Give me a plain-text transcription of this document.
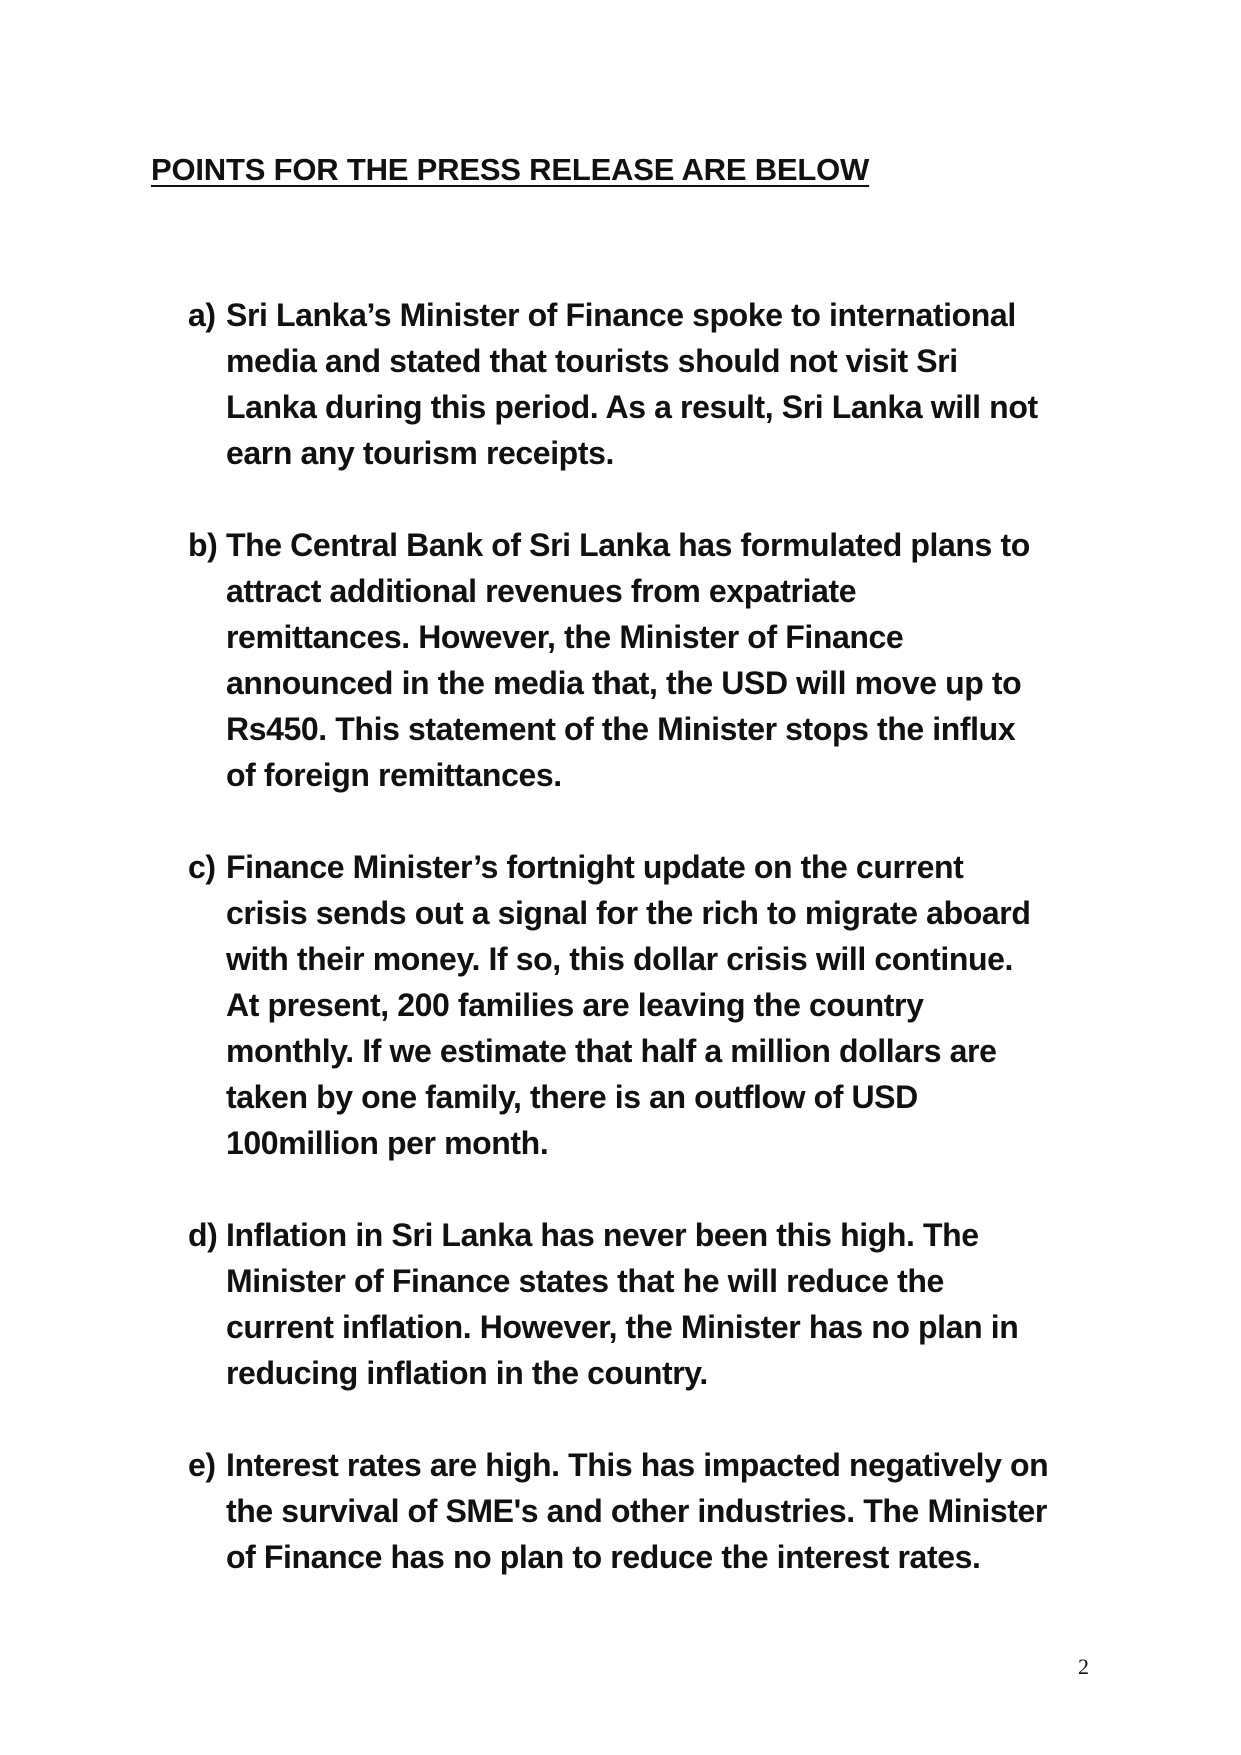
POINTS FOR THE PRESS RELEASE ARE BELOW
a) Sri Lanka’s Minister of Finance spoke to international
media and stated that tourists should not visit Sri
Lanka during this period. As a result, Sri Lanka will not
earn any tourism receipts.
b) The Central Bank of Sri Lanka has formulated plans to
attract additional revenues from expatriate
remittances. However, the Minister of Finance
announced in the media that, the USD will move up to
Rs450. This statement of the Minister stops the influx
of foreign remittances.
c) Finance Minister’s fortnight update on the current
crisis sends out a signal for the rich to migrate aboard
with their money. If so, this dollar crisis will continue.
At present, 200 families are leaving the country
monthly. If we estimate that half a million dollars are
taken by one family, there is an outflow of USD
100million per month.
d) Inflation in Sri Lanka has never been this high. The
Minister of Finance states that he will reduce the
current inflation. However, the Minister has no plan in
reducing inflation in the country.
e) Interest rates are high. This has impacted negatively on
the survival of SME's and other industries. The Minister
of Finance has no plan to reduce the interest rates.
2
